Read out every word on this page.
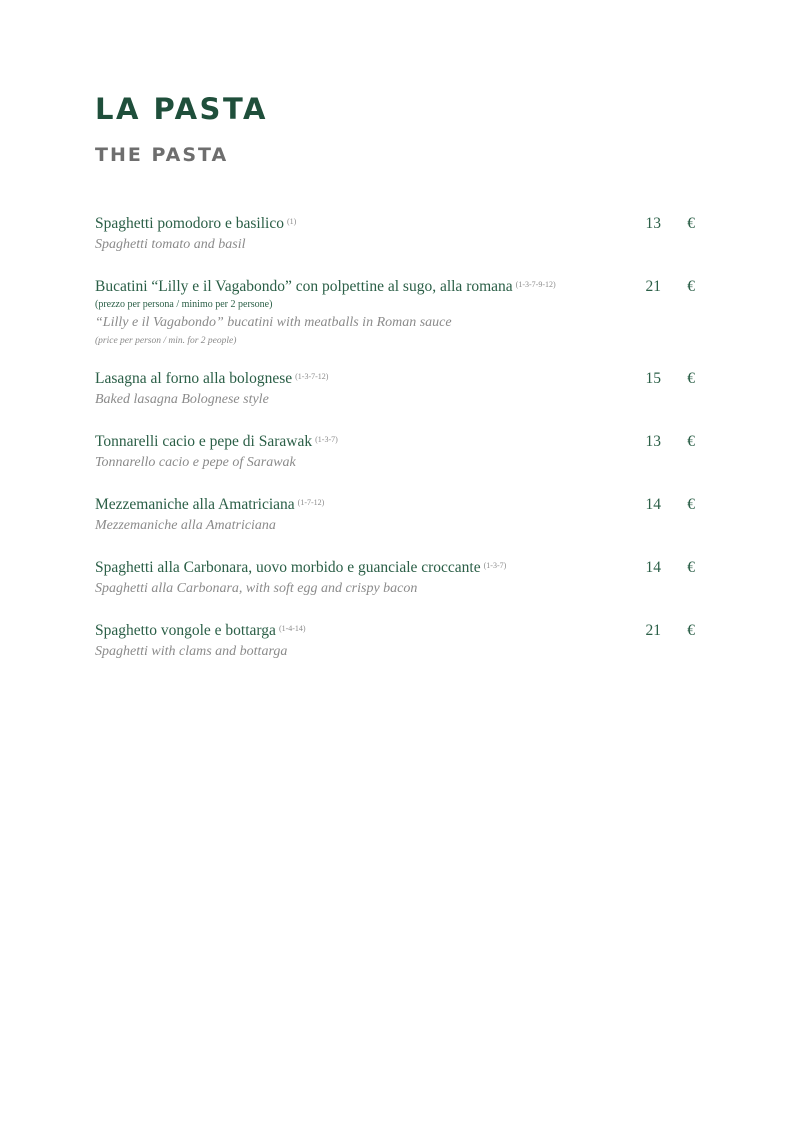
LA PASTA
THE PASTA
Spaghetti pomodoro e basilico $^{(1)}$
Spaghetti tomato and basil
13 €
Bucatini “Lilly e il Vagabondo” con polpettine al sugo, alla romana $^{(1-3-7-9-12)}$
(prezzo per persona / minimo per 2 persone)
“Lilly e il Vagabondo” bucatini with meatballs in Roman sauce
(price per person / min. for 2 people)
21 €
Lasagna al forno alla bolognese $^{(1-3-7-12)}$
Baked lasagna Bolognese style
15 €
Tonnarelli cacio e pepe di Sarawak $^{(1-3-7)}$
Tonnarello cacio e pepe of Sarawak
13 €
Mezzemaniche alla Amatriciana $^{(1-7-12)}$
Mezzemaniche alla Amatriciana
14 €
Spaghetti alla Carbonara, uovo morbido e guanciale croccante $^{(1-3-7)}$
Spaghetti alla Carbonara, with soft egg and crispy bacon
14 €
Spaghetto vongole e bottarga $^{(1-4-14)}$
Spaghetti with clams and bottarga
21 €
